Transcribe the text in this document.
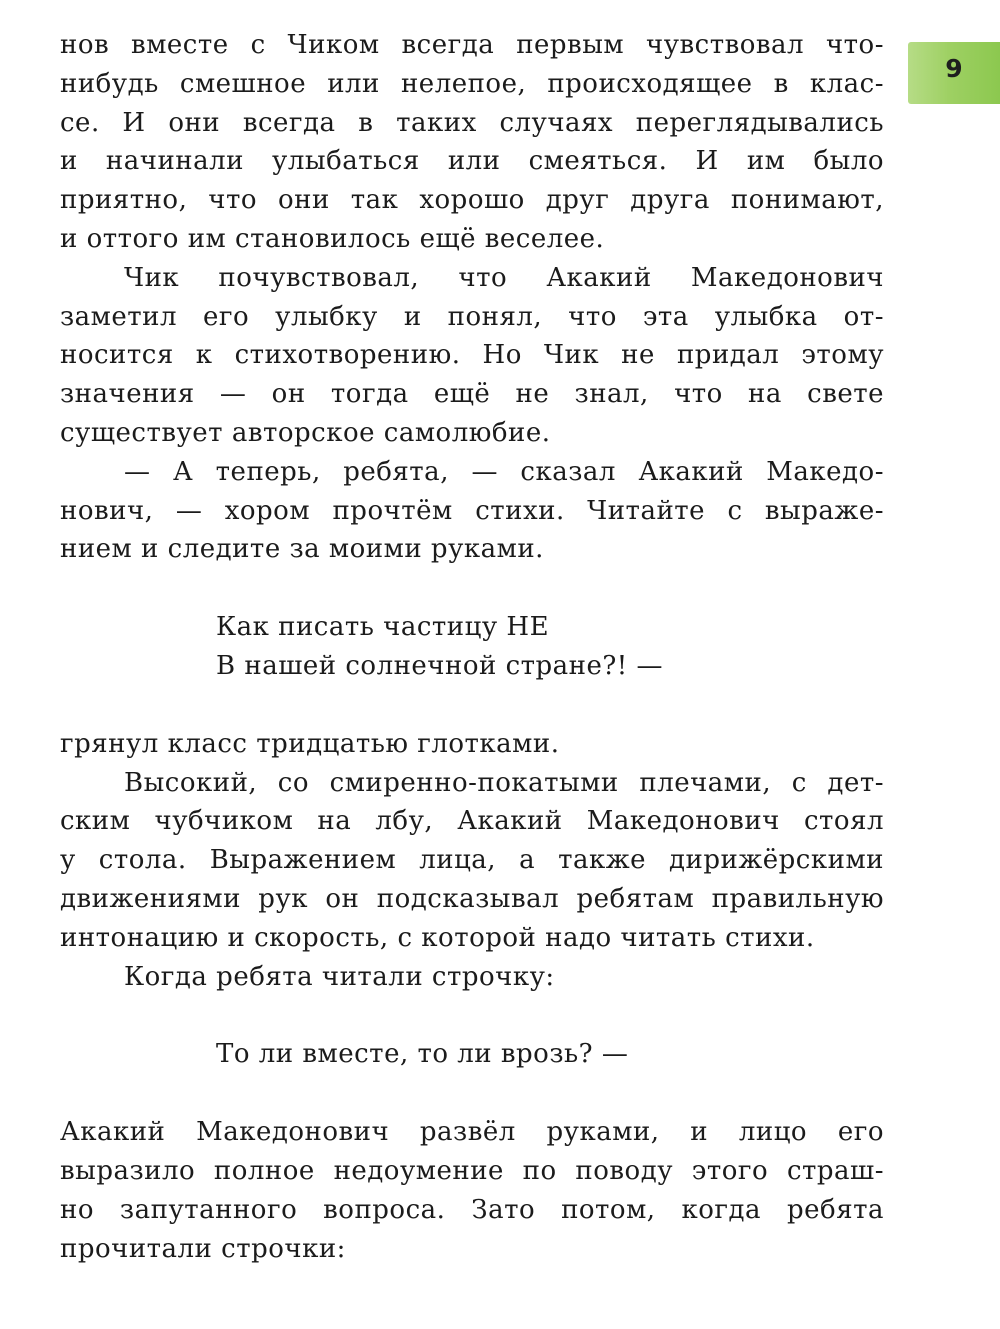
9
нов вместе с Чиком всегда первым чувствовал что-
нибудь смешное или нелепое, происходящее в клас-
се. И они всегда в таких случаях переглядывались
и начинали улыбаться или смеяться. И им было
приятно, что они так хорошо друг друга понимают,
и оттого им становилось ещё веселее.
Чик почувствовал, что Акакий Македонович
заметил его улыбку и понял, что эта улыбка от-
носится к стихотворению. Но Чик не придал этому
значения — он тогда ещё не знал, что на свете
существует авторское самолюбие.
— А теперь, ребята, — сказал Акакий Македо-
нович, — хором прочтём стихи. Читайте с выраже-
нием и следите за моими руками.
Как писать частицу НЕ
В нашей солнечной стране?! —
грянул класс тридцатью глотками.
Высокий, со смиренно-покатыми плечами, с дет-
ским чубчиком на лбу, Акакий Македонович стоял
у стола. Выражением лица, а также дирижёрскими
движениями рук он подсказывал ребятам правильную
интонацию и скорость, с которой надо читать стихи.
Когда ребята читали строчку:
То ли вместе, то ли врозь? —
Акакий Македонович развёл руками, и лицо его
выразило полное недоумение по поводу этого страш-
но запутанного вопроса. Зато потом, когда ребята
прочитали строчки:
